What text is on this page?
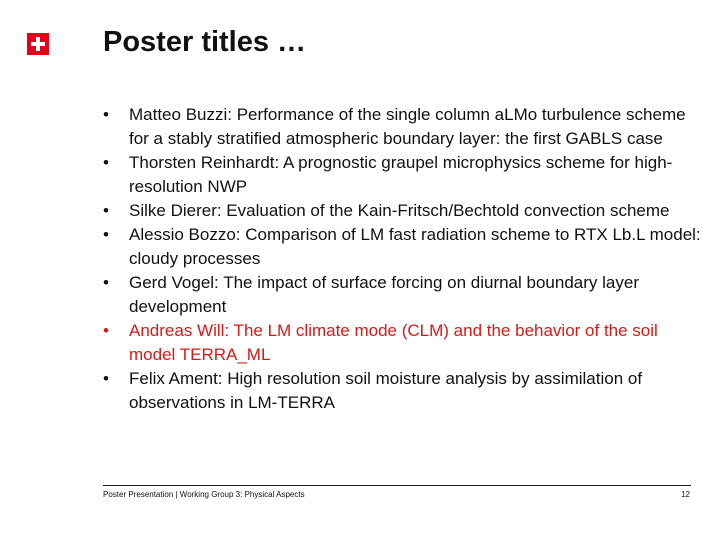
Poster titles …
• Matteo Buzzi: Performance of the single column aLMo turbulence scheme for a stably stratified atmospheric boundary layer: the first GABLS case
• Thorsten Reinhardt: A prognostic graupel microphysics scheme for high-resolution NWP
• Silke Dierer: Evaluation of the Kain-Fritsch/Bechtold convection scheme
• Alessio Bozzo: Comparison of LM fast radiation scheme to RTX Lb.L model: cloudy processes
• Gerd Vogel: The impact of surface forcing on diurnal boundary layer development
• Andreas Will: The LM climate mode (CLM) and the behavior of the soil model TERRA_ML
• Felix Ament: High resolution soil moisture analysis by assimilation of observations in LM-TERRA
Poster Presentation | Working Group 3: Physical Aspects	12
